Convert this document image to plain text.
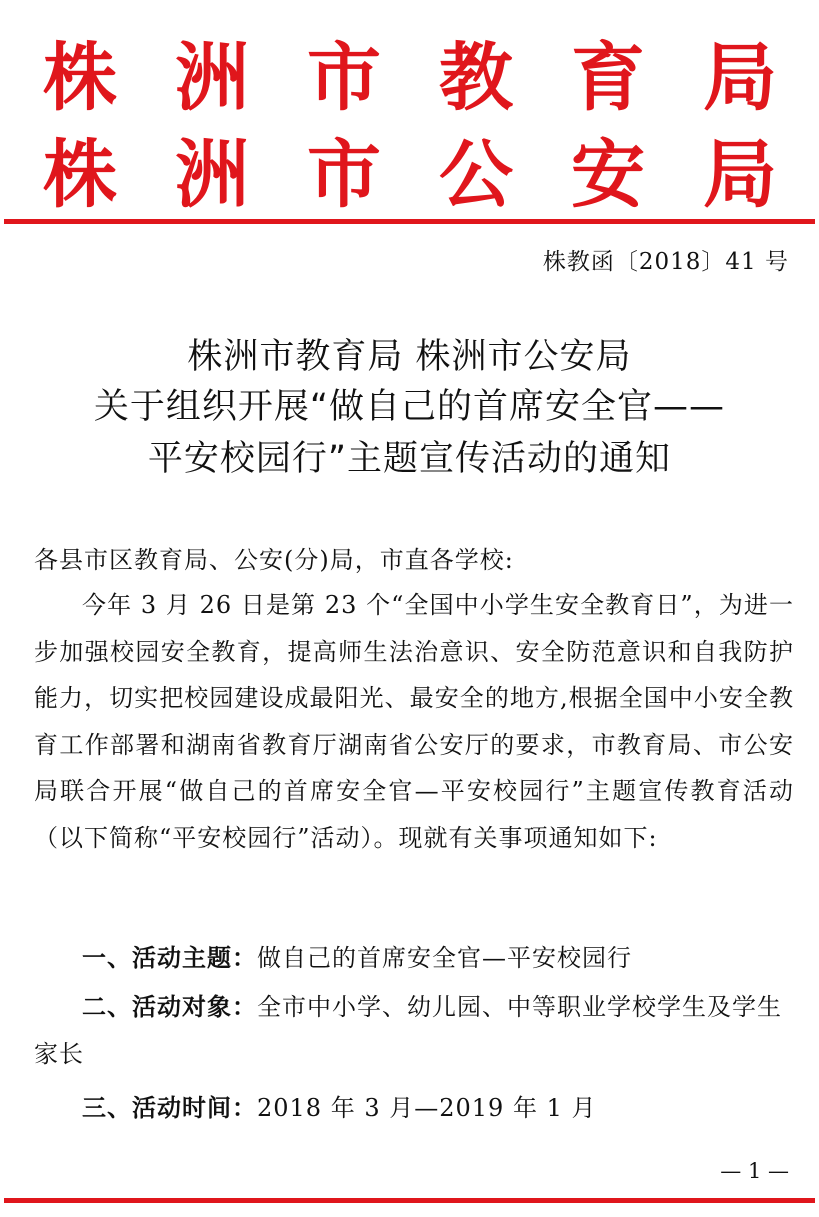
株 洲 市 教 育 局
株 洲 市 公 安 局
株教函〔2018〕41 号
株洲市教育局 株洲市公安局
关于组织开展“做自己的首席安全官——
平安校园行”主题宣传活动的通知
各县市区教育局、公安(分)局，市直各学校:
今年 3 月 26 日是第 23 个“全国中小学生安全教育日”，为进一步加强校园安全教育，提高师生法治意识、安全防范意识和自我防护能力，切实把校园建设成最阳光、最安全的地方,根据全国中小安全教育工作部署和湖南省教育厅湖南省公安厅的要求，市教育局、市公安局联合开展“做自己的首席安全官—平安校园行”主题宣传教育活动（以下简称“平安校园行”活动）。现就有关事项通知如下:
一、活动主题：做自己的首席安全官—平安校园行
二、活动对象：全市中小学、幼儿园、中等职业学校学生及学生家长
三、活动时间：2018 年 3 月—2019 年 1 月
— 1 —
